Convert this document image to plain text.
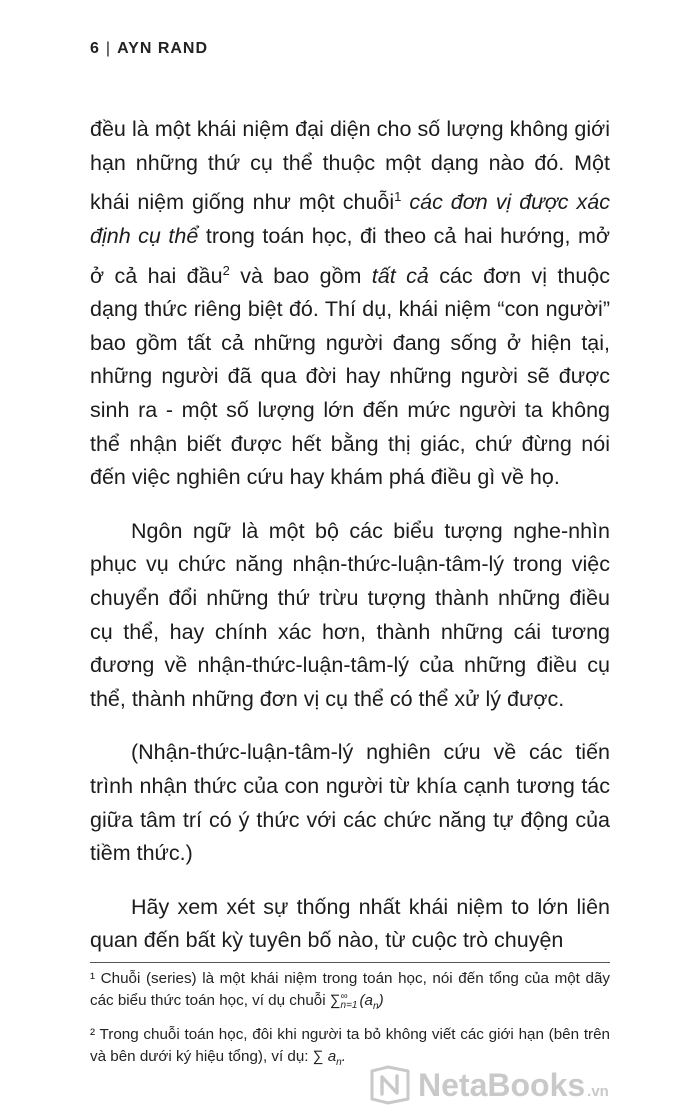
6 | AYN RAND

đều là một khái niệm đại diện cho số lượng không giới hạn những thứ cụ thể thuộc một dạng nào đó. Một khái niệm giống như một chuỗi$^1$ các đơn vị được xác định cụ thể trong toán học, đi theo cả hai hướng, mở ở cả hai đầu$^2$ và bao gồm tất cả các đơn vị thuộc dạng thức riêng biệt đó. Thí dụ, khái niệm “con người” bao gồm tất cả những người đang sống ở hiện tại, những người đã qua đời hay những người sẽ được sinh ra - một số lượng lớn đến mức người ta không thể nhận biết được hết bằng thị giác, chứ đừng nói đến việc nghiên cứu hay khám phá điều gì về họ.

Ngôn ngữ là một bộ các biểu tượng nghe-nhìn phục vụ chức năng nhận-thức-luận-tâm-lý trong việc chuyển đổi những thứ trừu tượng thành những điều cụ thể, hay chính xác hơn, thành những cái tương đương về nhận-thức-luận-tâm-lý của những điều cụ thể, thành những đơn vị cụ thể có thể xử lý được.

(Nhận-thức-luận-tâm-lý nghiên cứu về các tiến trình nhận thức của con người từ khía cạnh tương tác giữa tâm trí có ý thức với các chức năng tự động của tiềm thức.)

Hãy xem xét sự thống nhất khái niệm to lớn liên quan đến bất kỳ tuyên bố nào, từ cuộc trò chuyện

¹ Chuỗi (series) là một khái niệm trong toán học, nói đến tổng của một dãy các biểu thức toán học, ví dụ chuỗi ∑ ∞
n=1 $(a_n)$

² Trong chuỗi toán học, đôi khi người ta bỏ không viết các giới hạn (bên trên và bên dưới ký hiệu tổng), ví dụ: ∑ $a_n$.

NetaBooks .vn
